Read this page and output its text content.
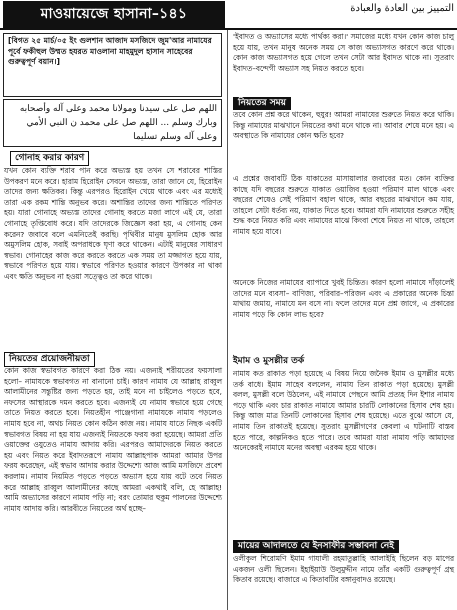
মাওয়ায়েজে হাসানা–১৪১	التمييز بين العادة والعبادة
[বিগত ২৫ মার্চ/০৫ ইং গুলশান আজাদ মসজিদে জুম'আর নামাযের পূর্বে ফকীহুল উম্মত হযরত মাওলানা মাহমুদুল হাসান সাহেবের গুরুত্বপূর্ণ বয়ান।]
اللهم صل على سيدنا ومولانا محمد وعلى آله وأصحابه وبارك وسلم ... اللهم صل على محمد ن النبي الأمي وعلى آله وسلم تسليما
গোনাহ করার কারণ

যখন কোন ব্যক্তি শরাব পান করে অভ্যস্ত হয় তখন সে শরাবের শাস্তির উপকরণ মনে করে। হারাম হিরোইন সেবনে অভ্যস্ত, তারা জানে যে, হিরোইন তাদের জন্য ক্ষতিকর। কিন্তু এরপরও হিরোইন খেয়ে থাকে এবং এর মধ্যেই তারা এক রকম শান্তি অনুভব করে। অশান্তির তাদের জন্য শান্তিতে পরিণত হয়। যারা গোনাহে অভ্যস্ত তাদের গোনাহ করতে মজা লাগে এই যে, তারা গোনাহে তৃপ্তিবোধ করে। যদি তাদেরকে জিজ্ঞেস করা হয়, এ গোনাহ কেন করেন? জবাবে বলে এমনিতেই করছি। পৃথিবীর মানুষ মুসলিম হোক আর অমুসলিম হোক, সবাই অপরাধকে ঘৃণা করে থাকেন। এটাই মানুষের সাধারণ স্বভাব। গোনাহের কাজ করে করতে করতে এক সময় তা মজ্জাগত হয়ে যায়, স্বভাবে পরিণত হয়ে যায়। স্বভাবে পরিণত হওয়ার কারণে উপকার না থাকা এবং ক্ষতি অনুভব না হওয়া সত্ত্বেও তা করে থাকে।

নিয়তের প্রয়োজনীয়তা

কোন কাজ স্বভাবগত কারণে করা ঠিক নয়। এজন্যই শরীয়তের ফয়সালা হলো– নামাযকে স্বভাবগত না বানানো চাই। কারণ নামায যে আল্লাহ রাব্বুল আলামীনের সন্তুষ্টির জন্য পড়তে হয়, তাই মনে না চাইলেও পড়তে হবে, নফসের আস্থারকে দমন করতে হবে। এজন্যই যে নামায স্বভাবে হয়ে গেছে তাতে নিয়ত করতে হবে। নিয়তহীন পাঞ্জেগানা নামাযকে নামায পড়লেও নামায হবে না, অথচ নিয়ত কোন কঠিন কাজ নয়। নামায যাতে নিছক একটি স্বভাবগত বিষয় না হয় যায় এজন্যই নিয়তকে ফরয করা হয়েছে। আমরা প্রতি ওয়াক্তের ওযুতেও নামায আদায় করি। এরপরও আমাদেরকে নিয়ত করতে হয় এবং নিয়ত করে ইবাদতরূপে নামায আল্লাহপাক আমরা আমার উপর ফরয করেছেন, এই স্বভাব আদায় করার উদ্দেশ্যে আজ আমি মসজিদে প্রবেশ করলাম। নামায নিয়মিত পড়তে পড়তে অভ্যাস হয়ে যায় বটে তবে নিয়ত করে আল্লাহ রাব্বুল আলামীনের কাছে আমরা একথাই বলি, হে আল্লাহ! আমি অভ্যাসের কারণে নামায পড়ি না; বরং তোমার হুকুম পালনের উদ্দেশ্যে নামায আদায় করি। আরবীতে নিয়তের অর্থ হচ্ছে–

'ইবাদত ও অভ্যাসের মধ্যে পার্থক্য করা।' সমাজের মধ্যে যখন কোন কাজ চালু হয়ে যায়, তখন মানুষ অনেক সময় সে কাজ অভ্যাসগত কারণে করে থাকে। কোন কাজ অভ্যাসগত হয়ে গেলে তখন সেটা আর ইবাদত থাকে না। সুতরাং ইবাদত–বন্দেগী অভ্যাস সহ নিয়ত করতে হবে।

নিয়তের সময়

তবে কোন প্রশ্ন করে থাকেন, হুযুর! আমরা নামাযের শুরুতে নিয়ত করে থাকি। কিন্তু নামাযের মাঝখানে নিয়তের কথা মনে থাকে না। আবার শেষে মনে হয়। এ অবস্থাতে কি নামাযের কোন ক্ষতি হবে?

এ প্রশ্নের জবাবটি ঠিক যাকাতের মাসায়ালার জবাবের মত। কোন ব্যক্তির কাছে যদি বছরের শুরুতে যাকাত ওয়াজিব হওয়া পরিমাণ মাল থাকে এবং বছরের শেষেও সেই পরিমাণ বহাল থাকে, আর বছরের মাঝখানে কম যায়, তাহলে সেটা ধর্তব্য নয়, যাকাত দিতে হবে। আমরা যদি নামাযের শুরুতে সহীহ শুদ্ধ করে নিয়ত করি এবং নামাযের মাঝে কিংবা শেষে নিয়ত না থাকে, তাহলে নামায হয়ে যাবে।

অনেকে নিজের নামাযের ব্যাপারে খুবই চিন্তিত। কারণ হলো নামাযে দাঁড়ালেই তাদের মনে ব্যবসা– বাণিজ্য, পরিবার–পরিজন এবং এ প্রকারের অনেক চিন্তা মাথায় জমায়, নামাযে মন বসে না। ফলে তাদের মনে প্রশ্ন জাগে, এ প্রকারের নামায পড়ে কি কোন লাভ হবে?

ইমাম ও মুসল্লীর তর্ক

নামায কত রাকাত পড়া হয়েছে এ বিষয় নিয়ে জনৈক ইমাম ও মুসল্লীর মধ্যে তর্ক বাধে। ইমাম সাহেব বললেন, নামায তিন রাকাত পড়া হয়েছে। মুসল্লী বলল, মুসল্লী বলে উঠলেন, এই নামাযে পেছনে আমি প্রত্যহ দিন ইশার নামায পড়ে থাকি এবং চার রাকাত নামাযে আমার চারটি লোকানের হিসাব শেষ হয়। কিন্তু আজ মাত্র তিনটি লোকানের হিসাব শেষ হয়েছে। এতে বুঝে আসে যে, নামায তিন রাকাতই হয়েছে। সুতরাং মুসল্লীগণের কেবলা এ ঘটনাটি বাস্তব হতে পারে, কাল্পনিকও হতে পারে। তবে আমরা যারা নামায পড়ি আমাদের অনেকেরই নামাযে মনের অবস্থা এরকম হয়ে থাকে।

মায়ের আদালতে যে ইনসাফীর সম্ভাবনা নেই

ওলীকুল শিরোমণি ইমাম গাযালী রহমাতুল্লাহি আলাইহি ছিলেন বড় মাপের একজন ওলী ছিলেন। ইহাইয়াউ উলুমুদ্দীন নামে তাঁর একটি গুরুত্বপূর্ণ গ্রন্থ কিতাব রয়েছে। বাজারে এ কিতাবটির বঙ্গানুবাদও রয়েছে।
